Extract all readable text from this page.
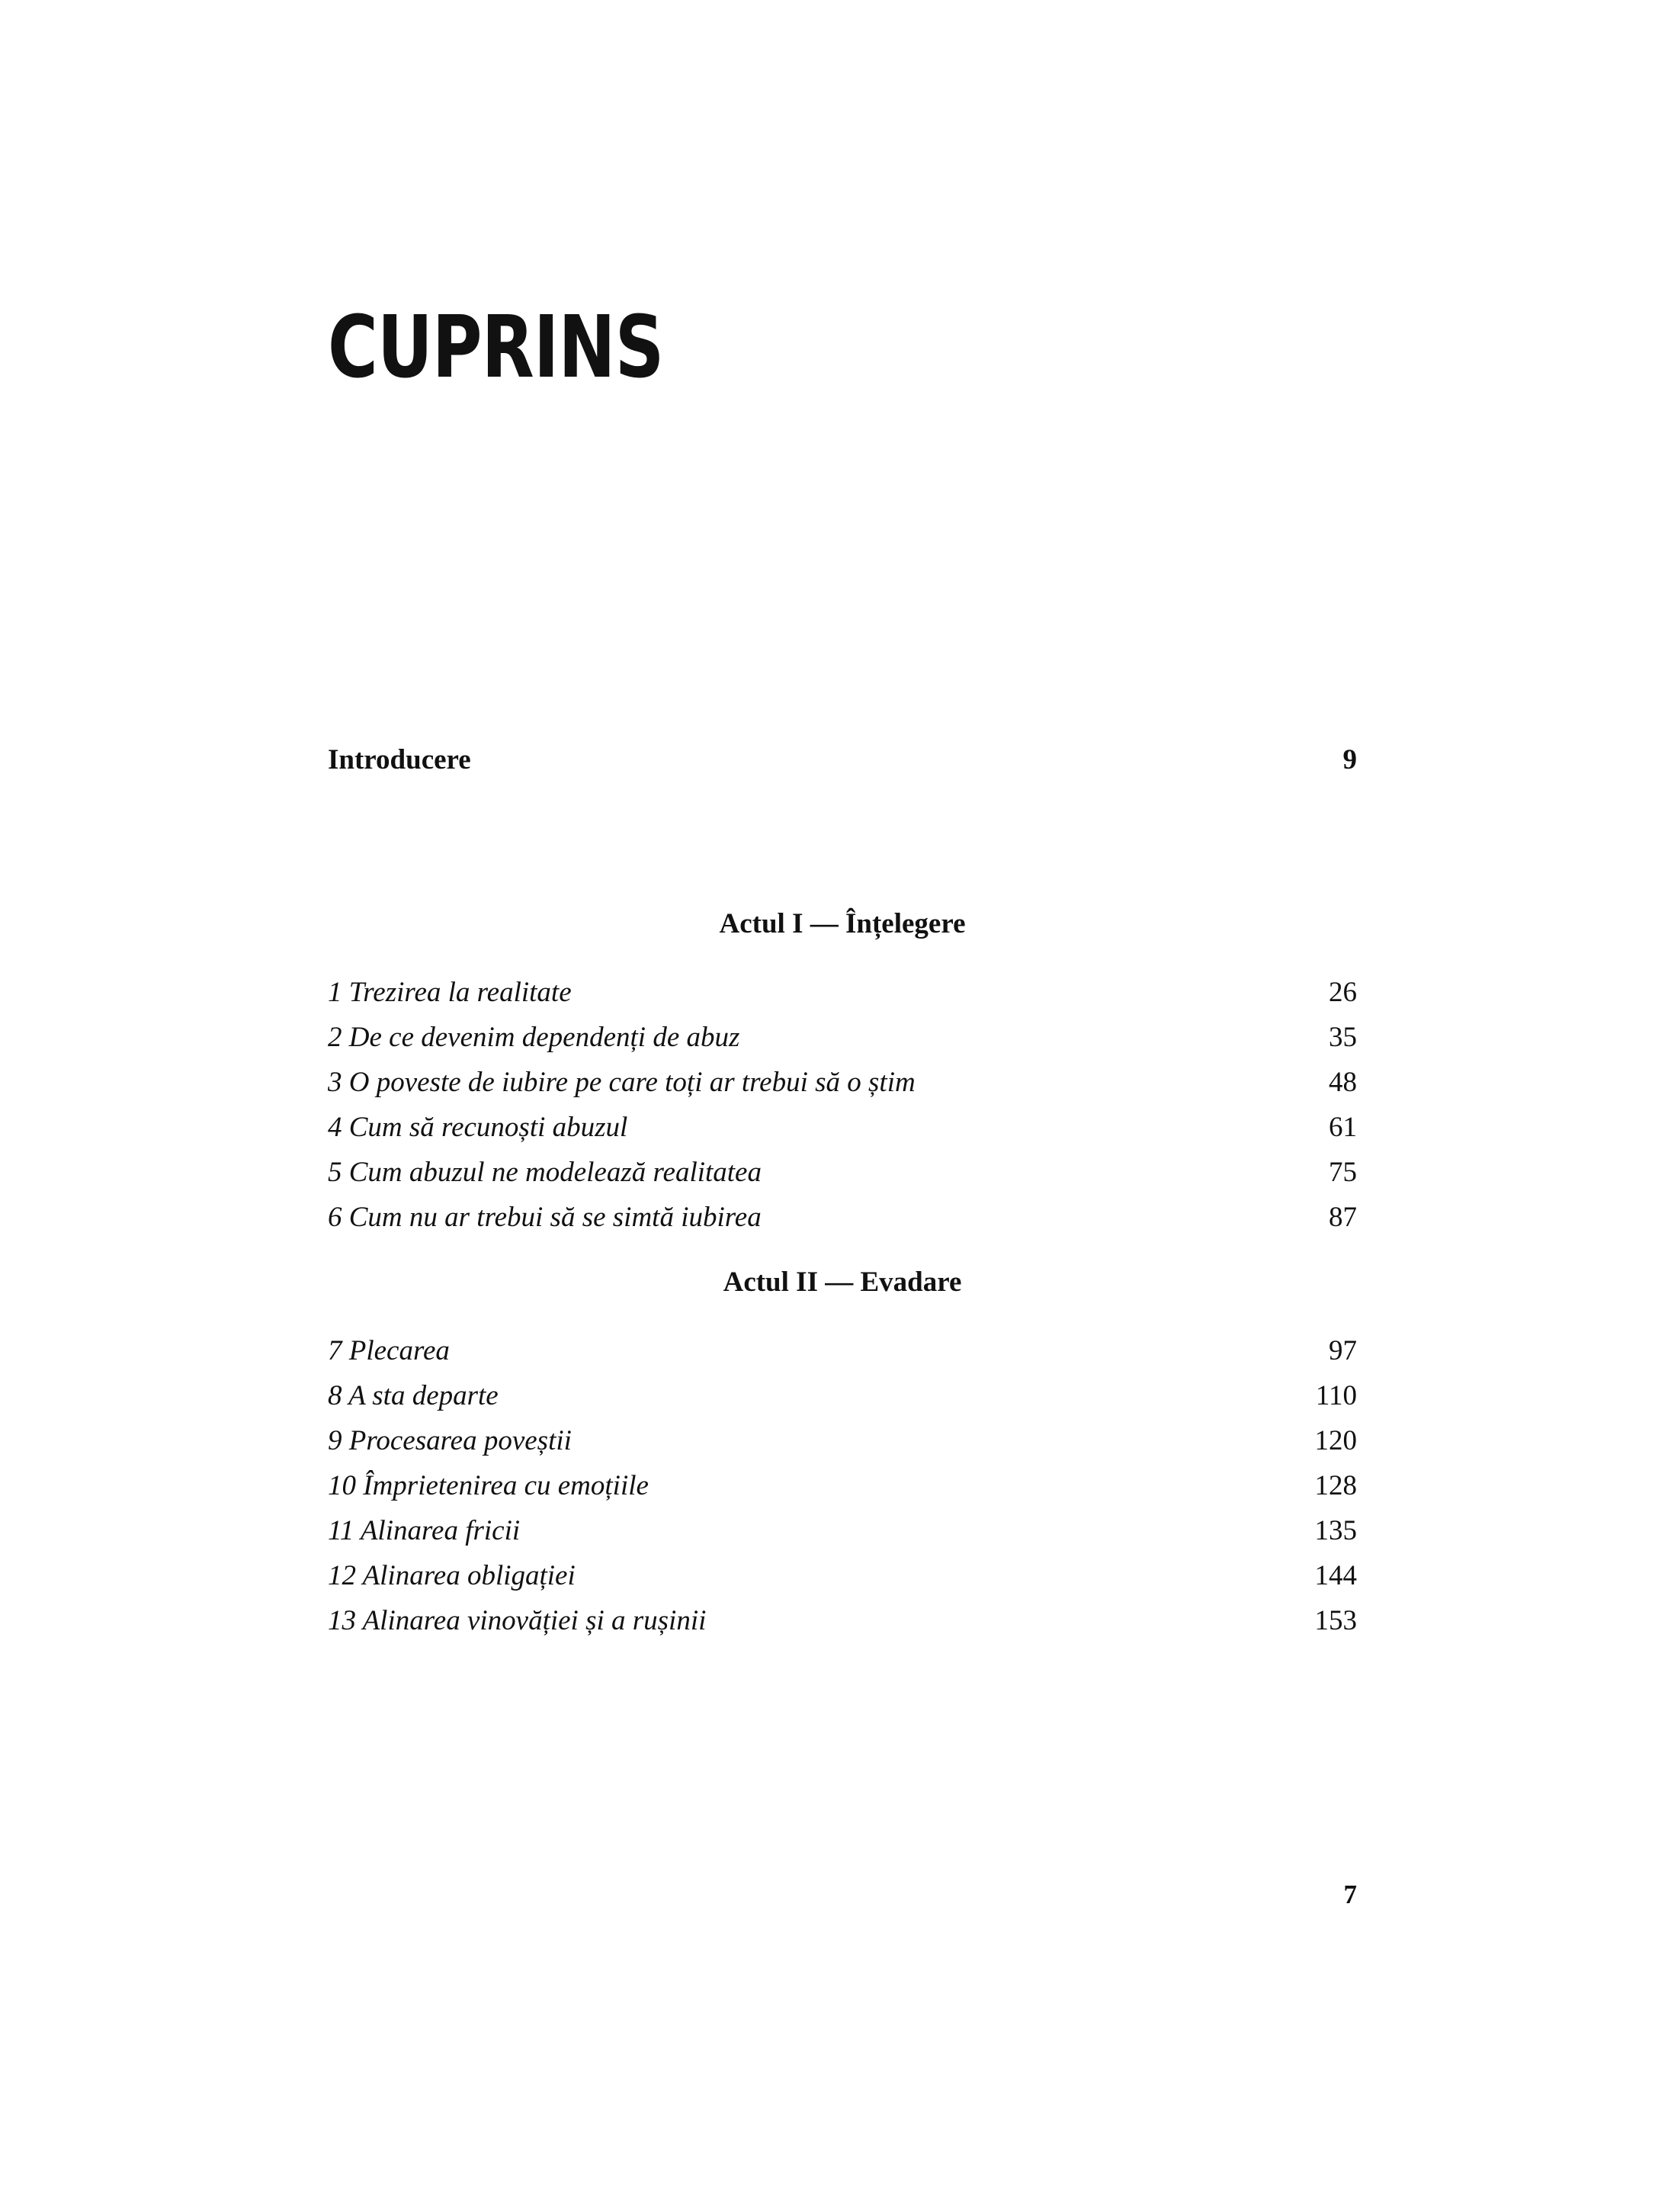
CUPRINS
Introducere	9
Actul I — Înțelegere
1 Trezirea la realitate	26
2 De ce devenim dependenți de abuz	35
3 O poveste de iubire pe care toți ar trebui să o știm	48
4 Cum să recunoști abuzul	61
5 Cum abuzul ne modelează realitatea	75
6 Cum nu ar trebui să se simtă iubirea	87
Actul II — Evadare
7 Plecarea	97
8 A sta departe	110
9 Procesarea poveștii	120
10 Împrietenirea cu emoțiile	128
11 Alinarea fricii	135
12 Alinarea obligației	144
13 Alinarea vinovăției și a rușinii	153
7
